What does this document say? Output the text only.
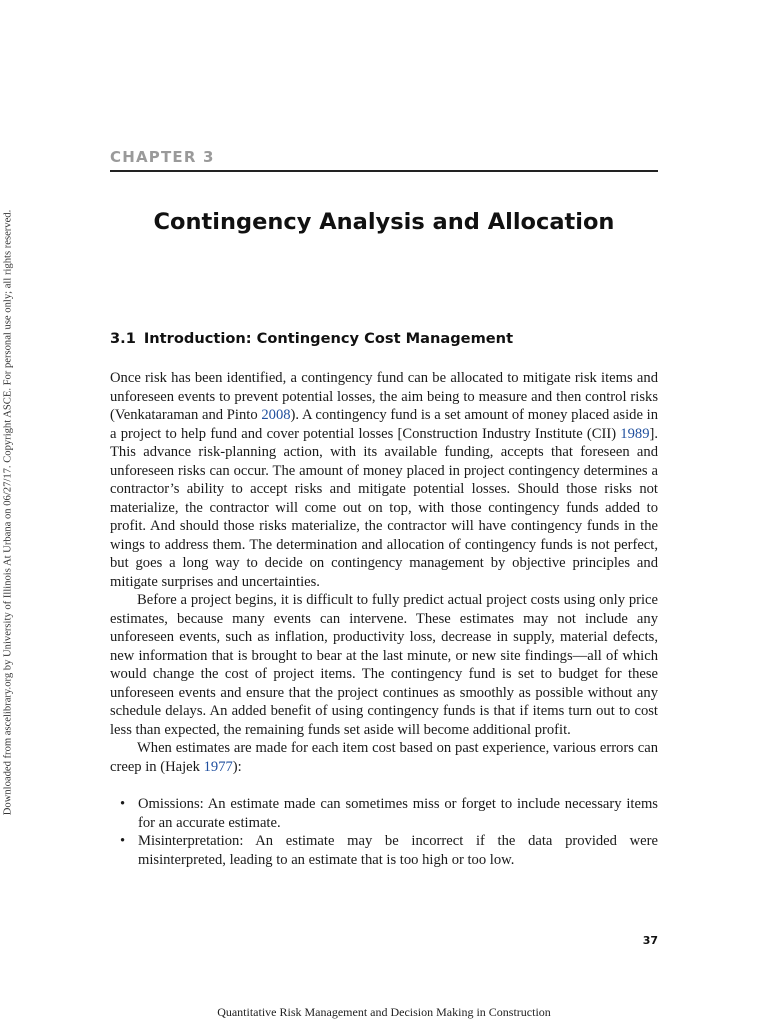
Downloaded from ascelibrary.org by University of Illinois At Urbana on 06/27/17. Copyright ASCE. For personal use only; all rights reserved.
CHAPTER 3
Contingency Analysis and Allocation
3.1 Introduction: Contingency Cost Management

Once risk has been identified, a contingency fund can be allocated to mitigate risk items and unforeseen events to prevent potential losses, the aim being to measure and then control risks (Venkataraman and Pinto 2008). A contingency fund is a set amount of money placed aside in a project to help fund and cover potential losses [Construction Industry Institute (CII) 1989]. This advance risk-planning action, with its available funding, accepts that foreseen and unforeseen risks can occur. The amount of money placed in project contingency determines a contractor’s ability to accept risks and mitigate potential losses. Should those risks not materialize, the contractor will come out on top, with those contingency funds added to profit. And should those risks materialize, the contractor will have contingency funds in the wings to address them. The determination and allocation of contingency funds is not perfect, but goes a long way to decide on contingency management by objective principles and mitigate surprises and uncertainties.

Before a project begins, it is difficult to fully predict actual project costs using only price estimates, because many events can intervene. These estimates may not include any unforeseen events, such as inflation, productivity loss, decrease in supply, material defects, new information that is brought to bear at the last minute, or new site findings—all of which would change the cost of project items. The contingency fund is set to budget for these unforeseen events and ensure that the project continues as smoothly as possible without any schedule delays. An added benefit of using contingency funds is that if items turn out to cost less than expected, the remaining funds set aside will become additional profit.

When estimates are made for each item cost based on past experience, various errors can creep in (Hajek 1977):

• Omissions: An estimate made can sometimes miss or forget to include necessary items for an accurate estimate.
• Misinterpretation: An estimate may be incorrect if the data provided were misinterpreted, leading to an estimate that is too high or too low.
37
Quantitative Risk Management and Decision Making in Construction
